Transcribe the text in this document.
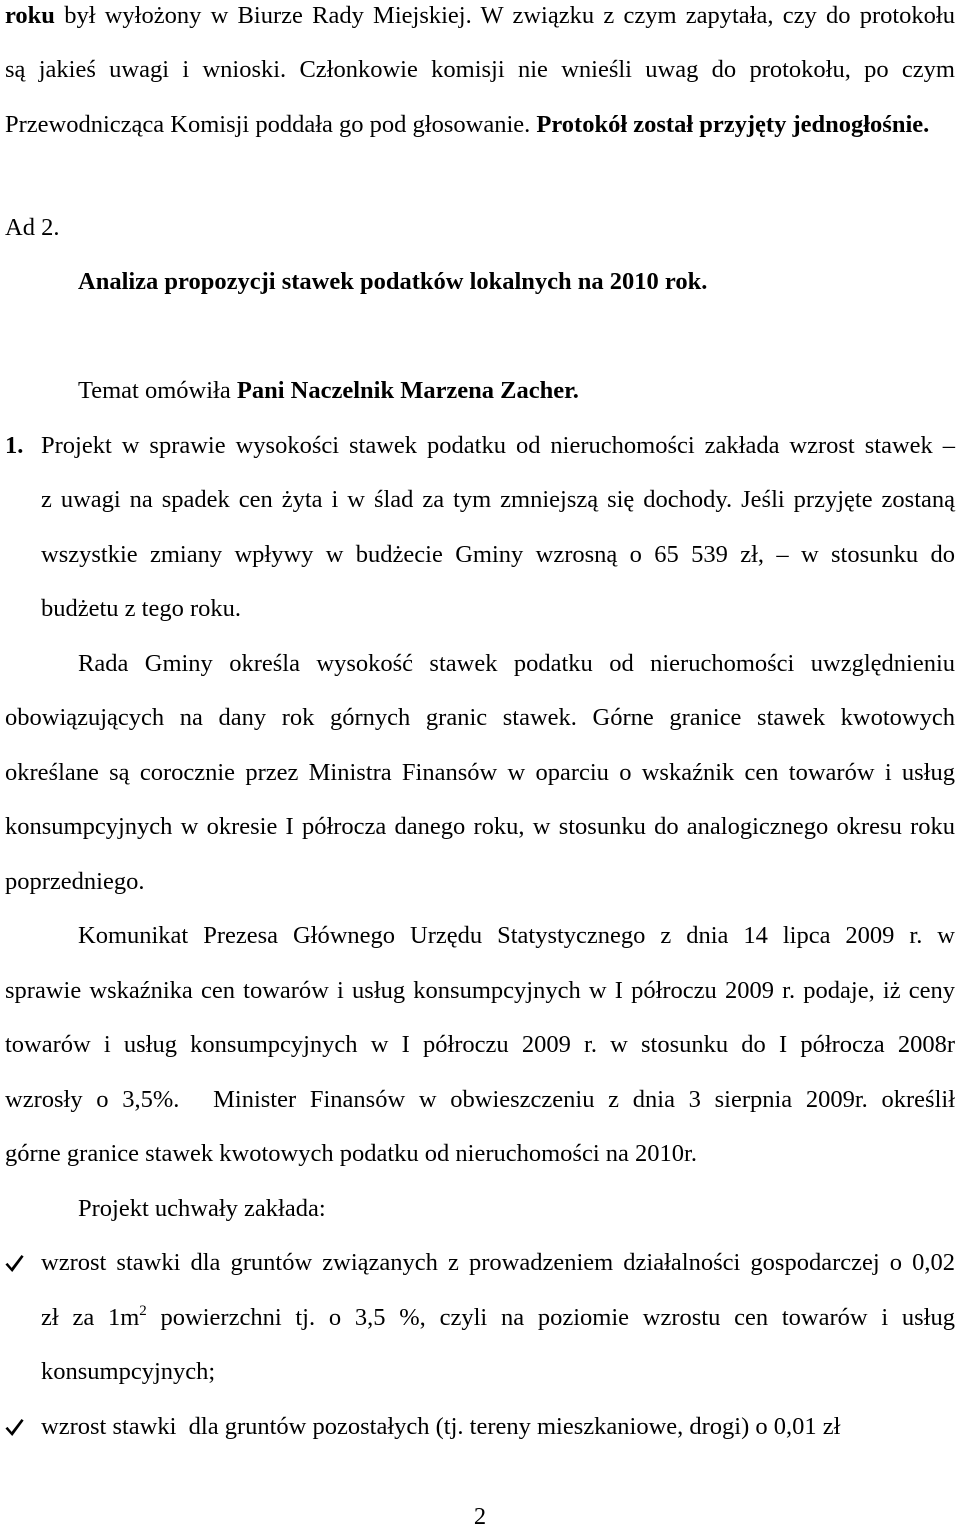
roku był wyłożony w Biurze Rady Miejskiej. W związku z czym zapytała, czy do protokołu
są jakieś uwagi i wnioski. Członkowie komisji nie wnieśli uwag do protokołu, po czym
Przewodnicząca Komisji poddała go pod głosowanie. Protokół został przyjęty jednogłośnie.
Ad 2.
Analiza propozycji stawek podatków lokalnych na 2010 rok.
Temat omówiła Pani Naczelnik Marzena Zacher.
1. Projekt w sprawie wysokości stawek podatku od nieruchomości zakłada wzrost stawek –
z uwagi na spadek cen żyta i w ślad za tym zmniejszą się dochody. Jeśli przyjęte zostaną
wszystkie zmiany wpływy w budżecie Gminy wzrosną o 65 539 zł, – w stosunku do
budżetu z tego roku.
Rada Gminy określa wysokość stawek podatku od nieruchomości uwzględnieniu
obowiązujących na dany rok górnych granic stawek. Górne granice stawek kwotowych
określane są corocznie przez Ministra Finansów w oparciu o wskaźnik cen towarów i usług
konsumpcyjnych w okresie I półrocza danego roku, w stosunku do analogicznego okresu roku
poprzedniego.
Komunikat Prezesa Głównego Urzędu Statystycznego z dnia 14 lipca 2009 r. w
sprawie wskaźnika cen towarów i usług konsumpcyjnych w I półroczu 2009 r. podaje, iż ceny
towarów i usług konsumpcyjnych w I półroczu 2009 r. w stosunku do I półrocza 2008r
wzrosły o 3,5%. Minister Finansów w obwieszczeniu z dnia 3 sierpnia 2009r. określił
górne granice stawek kwotowych podatku od nieruchomości na 2010r.
Projekt uchwały zakłada:
wzrost stawki dla gruntów związanych z prowadzeniem działalności gospodarczej o 0,02
zł za $1m^2$ powierzchni tj. o 3,5 %, czyli na poziomie wzrostu cen towarów i usług
konsumpcyjnych;
wzrost stawki  dla gruntów pozostałych (tj. tereny mieszkaniowe, drogi) o 0,01 zł
2
